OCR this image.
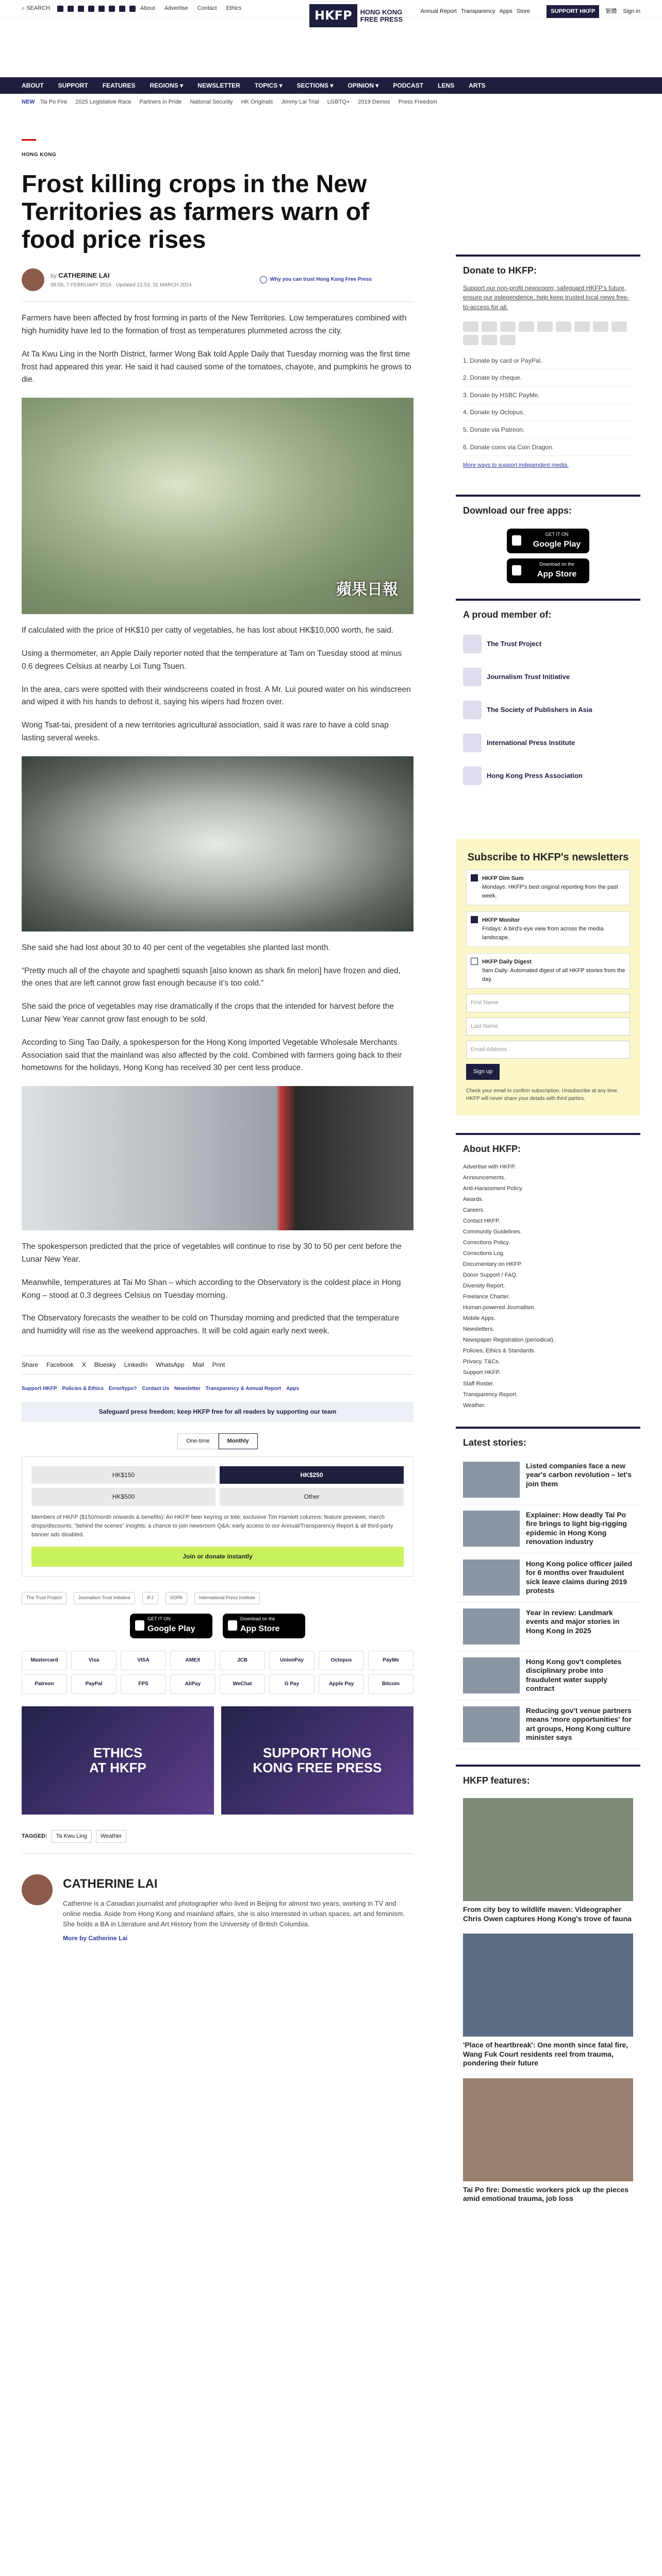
⌕ SEARCH	About Advertise Contact Ethics	HKFP	HONG KONG
FREE PRESS
Annual Report Transparency Apps Store	SUPPORT HKFP	繁體 Sign in
ABOUT SUPPORT FEATURES REGIONS ▾ NEWSLETTER TOPICS ▾ SECTIONS ▾ OPINION ▾ PODCAST LENS ARTS
NEW Tai Po Fire 2025 Legislative Race Partners in Pride National Security HK Originals Jimmy Lai Trial LGBTQ+ 2019 Demos Press Freedom
HONG KONG
Frost killing crops in the New Territories as farmers warn of food price rises
by CATHERINE LAI
08:06, 7 FEBRUARY 2016 · Updated 21:53, 31 MARCH 2024
Why you can trust Hong Kong Free Press

Farmers have been affected by frost forming in parts of the New Territories. Low temperatures combined with high humidity have led to the formation of frost as temperatures plummeted across the city.

At Ta Kwu Ling in the North District, farmer Wong Bak told Apple Daily that Tuesday morning was the first time frost had appeared this year. He said it had caused some of the tomatoes, chayote, and pumpkins he grows to die.

蘋果日報

If calculated with the price of HK$10 per catty of vegetables, he has lost about HK$10,000 worth, he said.

Using a thermometer, an Apple Daily reporter noted that the temperature at Tam on Tuesday stood at minus 0.6 degrees Celsius at nearby Loi Tung Tsuen.

In the area, cars were spotted with their windscreens coated in frost. A Mr. Lui poured water on his windscreen and wiped it with his hands to defrost it, saying his wipers had frozen over.

Wong Tsat-tai, president of a new territories agricultural association, said it was rare to have a cold snap lasting several weeks.

She said she had lost about 30 to 40 per cent of the vegetables she planted last month.

“Pretty much all of the chayote and spaghetti squash [also known as shark fin melon] have frozen and died, the ones that are left cannot grow fast enough because it’s too cold.”

She said the price of vegetables may rise dramatically if the crops that the intended for harvest before the Lunar New Year cannot grow fast enough to be sold.

According to Sing Tao Daily, a spokesperson for the Hong Kong Imported Vegetable Wholesale Merchants Association said that the mainland was also affected by the cold. Combined with farmers going back to their hometowns for the holidays, Hong Kong has received 30 per cent less produce.

The spokesperson predicted that the price of vegetables will continue to rise by 30 to 50 per cent before the Lunar New Year.

Meanwhile, temperatures at Tai Mo Shan – which according to the Observatory is the coldest place in Hong Kong – stood at 0.3 degrees Celsius on Tuesday morning.

The Observatory forecasts the weather to be cold on Thursday morning and predicted that the temperature and humidity will rise as the weekend approaches. It will be cold again early next week.

Share Facebook X Bluesky LinkedIn WhatsApp Mail Print
Support HKFP Policies & Ethics Error/typo? Contact Us Newsletter Transparency & Annual Report Apps
Safeguard press freedom; keep HKFP free for all readers by supporting our team
One-time	Monthly
HK$150	HK$250
HK$500	Other

Members of HKFP ($150/month onwards & benefits): An HKFP beer keyring or tote; exclusive Tim Hamlett columns; feature previews; merch drops/discounts; “behind the scenes” insights; a chance to join newsroom Q&A; early access to our Annual/Transparency Report & all third-party banner ads disabled.

Join or donate instantly
The Trust Project	Journalism Trust Initiative	IFJ	SOPA	International Press Institute
GET IT ON
Google Play
Download on the
App Store
Mastercard	Visa	VISA	AMEX	JCB	UnionPay	Octopus	PayMe
Patreon	PayPal	FPS	AliPay	WeChat	G Pay	Apple Pay	Bitcoin
ETHICS
AT HKFP
SUPPORT HONG
KONG FREE PRESS
TAGGED:	Ta Kwu Ling	Weather
CATHERINE LAI

Catherine is a Canadian journalist and photographer who lived in Beijing for almost two years, working in TV and online media. Aside from Hong Kong and mainland affairs, she is also interested in urban spaces, art and feminism. She holds a BA in Literature and Art History from the University of British Columbia.

More by Catherine Lai
Donate to HKFP:

Support our non-profit newsroom; safeguard HKFP's future, ensure our independence, help keep trusted local news free-to-access for all.

1. Donate by card or PayPal.
2. Donate by cheque.
3. Donate by HSBC PayMe.
4. Donate by Octopus.
5. Donate via Patreon.
6. Donate coins via Coin Dragon.
More ways to support independent media.
Download our free apps:
GET IT ON
Google Play
Download on the
App Store
A proud member of:
The Trust Project
Journalism Trust Initiative
The Society of Publishers in Asia
International Press Institute
Hong Kong Press Association
Subscribe to HKFP's newsletters
HKFP Dim Sum
Mondays: HKFP's best original reporting from the past week.
HKFP Monitor
Fridays: A bird's-eye view from across the media landscape.
HKFP Daily Digest
9am Daily: Automated digest of all HKFP stories from the day.
First Name
Last Name
Email Address
Sign up

Check your email to confirm subscription. Unsubscribe at any time. HKFP will never share your details with third parties.

About HKFP:
Advertise with HKFP.
Announcements.
Anti-Harassment Policy.
Awards.
Careers.
Contact HKFP.
Community Guidelines.
Corrections Policy.
Corrections Log.
Documentary on HKFP.
Donor Support / FAQ.
Diversity Report.
Freelance Charter.
Human-powered Journalism.
Mobile Apps.
Newsletters.
Newspaper Registration (periodical).
Policies, Ethics & Standards.
Privacy, T&Cs.
Support HKFP.
Staff Roster.
Transparency Report.
Weather.
Latest stories:
Listed companies face a new year's carbon revolution – let's join them
Explainer: How deadly Tai Po fire brings to light big-rigging epidemic in Hong Kong renovation industry
Hong Kong police officer jailed for 6 months over fraudulent sick leave claims during 2019 protests
Year in review: Landmark events and major stories in Hong Kong in 2025
Hong Kong gov't completes disciplinary probe into fraudulent water supply contract
Reducing gov't venue partners means 'more opportunities' for art groups, Hong Kong culture minister says
HKFP features:
From city boy to wildlife maven: Videographer Chris Owen captures Hong Kong's trove of fauna
'Place of heartbreak': One month since fatal fire, Wang Fuk Court residents reel from trauma, pondering their future
Tai Po fire: Domestic workers pick up the pieces amid emotional trauma, job loss
